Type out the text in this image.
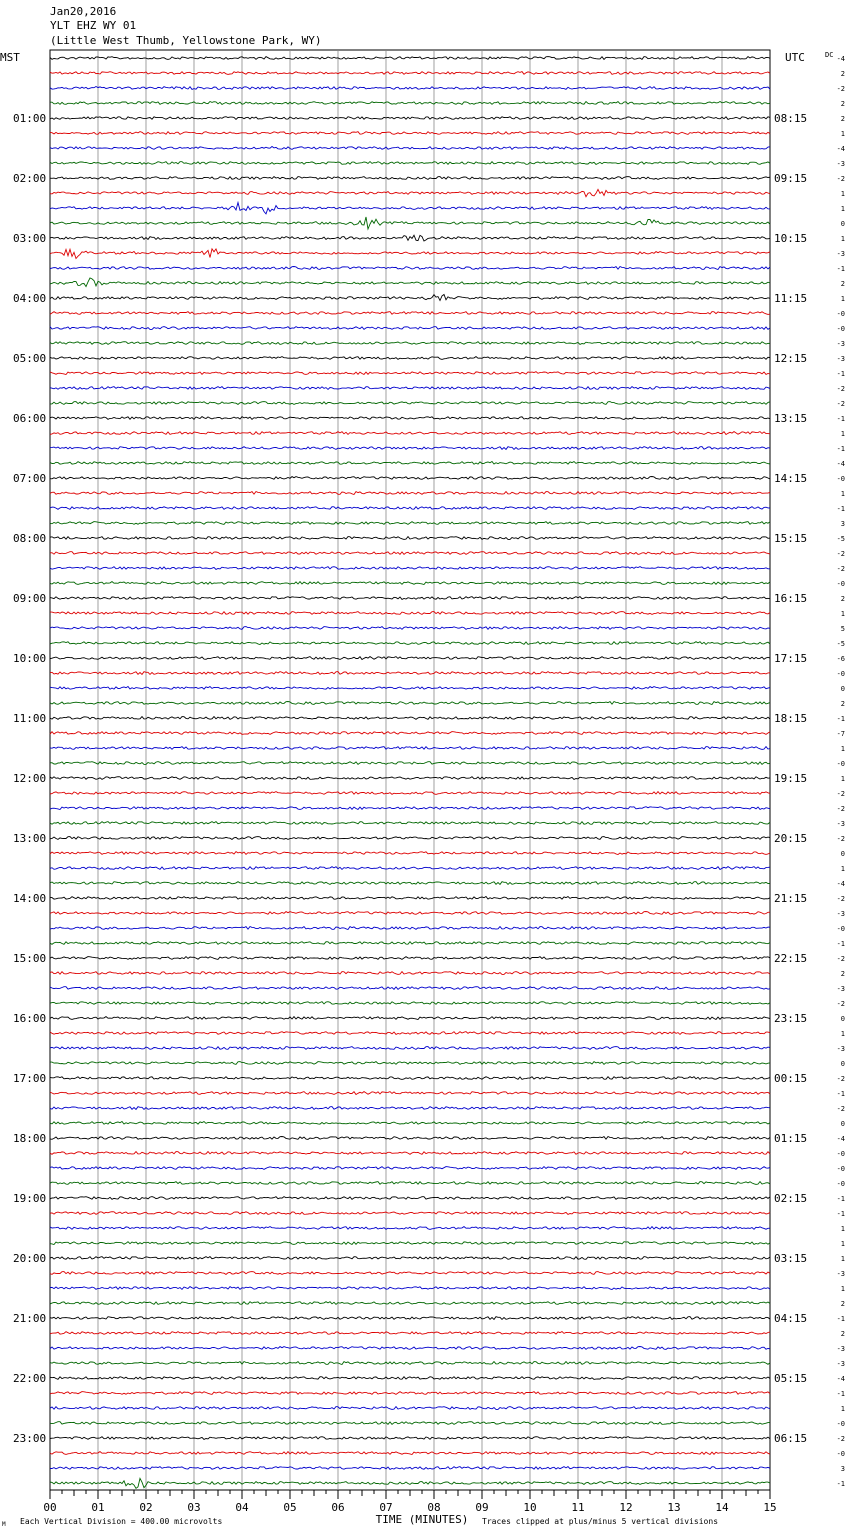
Jan20,2016
YLT EHZ WY 01
(Little West Thumb, Yellowstone Park, WY)
MST	UTC	DC
01:00
02:00
03:00
04:00
05:00
06:00
07:00
08:00
09:00
10:00
11:00
12:00
13:00
14:00
15:00
16:00
17:00
18:00
19:00
20:00
21:00
22:00
23:00
08:15
09:15
10:15
11:15
12:15
13:15
14:15
15:15
16:15
17:15
18:15
19:15
20:15
21:15
22:15
23:15
00:15
01:15
02:15
03:15
04:15
05:15
06:15
-4
2
-2
2
2
1
-4
-3
-2
1
1
0
1
-3
-1
2
1
-0
-0
-3
-3
-1
-2
-2
-1
1
-1
-4
-0
1
-1
3
-5
-2
-2
-0
2
1
5
-5
-6
-0
0
2
-1
-7
1
-0
1
-2
-2
-3
-2
0
1
-4
-2
-3
-0
-1
-2
2
-3
-2
0
1
-3
0
-2
-1
-2
0
-4
-0
-0
-0
-1
-1
1
1
1
-3
1
2
-1
2
-3
-3
-4
-1
1
-0
-2
-0
3
-1
00	01	02	03	04	05	06	07	08	09	10	11	12	13	14	15
M Each Vertical Division = 400.00 microvolts	TIME (MINUTES) Traces clipped at plus/minus 5 vertical divisions
